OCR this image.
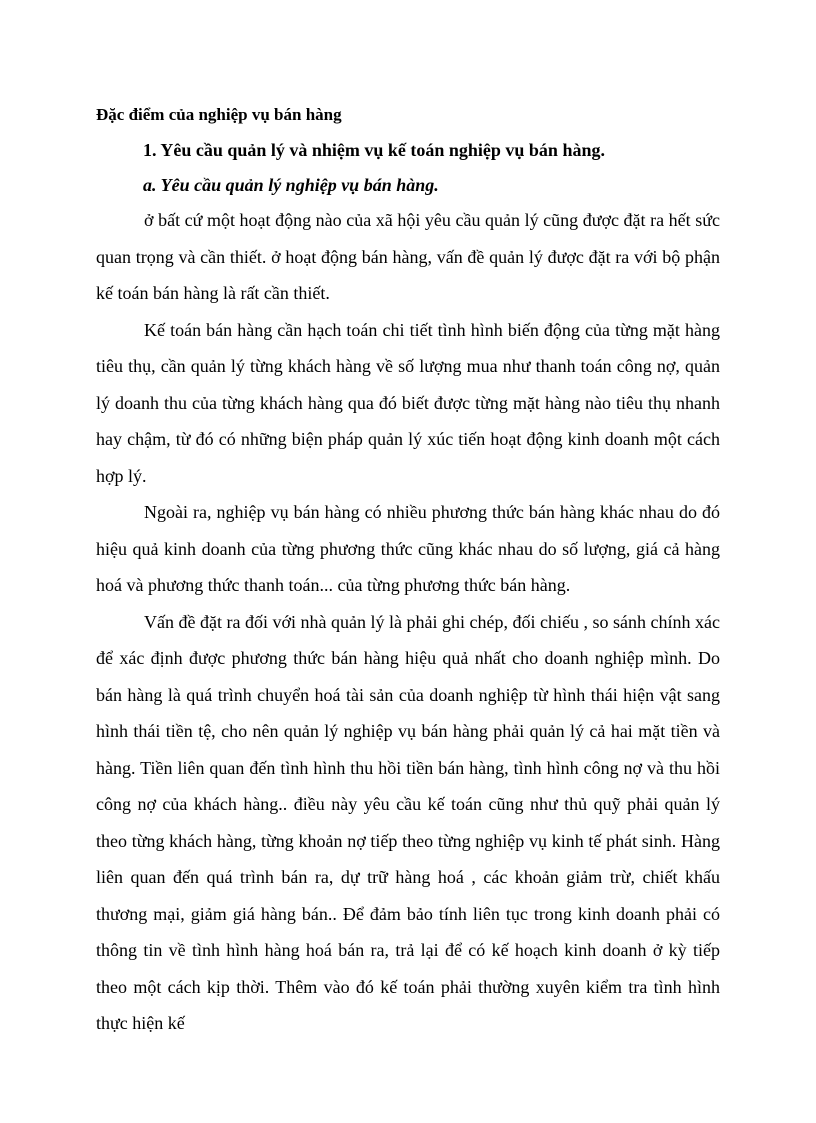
Đặc điểm của nghiệp vụ bán hàng
1. Yêu cầu quản lý và nhiệm vụ kế toán nghiệp vụ bán hàng.
a. Yêu cầu quản lý nghiệp vụ bán hàng.

ở bất cứ một hoạt động nào của xã hội yêu cầu quản lý cũng được đặt ra hết sức quan trọng và cần thiết. ở hoạt động bán hàng, vấn đề quản lý được đặt ra với bộ phận kế toán bán hàng là rất cần thiết.

Kế toán bán hàng cần hạch toán chi tiết tình hình biến động của từng mặt hàng tiêu thụ, cần quản lý từng khách hàng về số lượng mua như thanh toán công nợ, quản lý doanh thu của từng khách hàng qua đó biết được từng mặt hàng nào tiêu thụ nhanh hay chậm, từ đó có những biện pháp quản lý xúc tiến hoạt động kinh doanh một cách hợp lý.

Ngoài ra, nghiệp vụ bán hàng có nhiều phương thức bán hàng khác nhau do đó hiệu quả kinh doanh của từng phương thức cũng khác nhau do số lượng, giá cả hàng hoá và phương thức thanh toán... của từng phương thức bán hàng.

Vấn đề đặt ra đối với nhà quản lý là phải ghi chép, đối chiếu , so sánh chính xác để xác định được phương thức bán hàng hiệu quả nhất cho doanh nghiệp mình. Do bán hàng là quá trình chuyển hoá tài sản của doanh nghiệp từ hình thái hiện vật sang hình thái tiền tệ, cho nên quản lý nghiệp vụ bán hàng phải quản lý cả hai mặt tiền và hàng. Tiền liên quan đến tình hình thu hồi tiền bán hàng, tình hình công nợ và thu hồi công nợ của khách hàng.. điều này yêu cầu kế toán cũng như thủ quỹ phải quản lý theo từng khách hàng, từng khoản nợ tiếp theo từng nghiệp vụ kinh tế phát sinh. Hàng liên quan đến quá trình bán ra, dự trữ hàng hoá , các khoản giảm trừ, chiết khấu thương mại, giảm giá hàng bán.. Để đảm bảo tính liên tục trong kinh doanh phải có thông tin về tình hình hàng hoá bán ra, trả lại để có kế hoạch kinh doanh ở kỳ tiếp theo một cách kịp thời. Thêm vào đó kế toán phải thường xuyên kiểm tra tình hình thực hiện kế
